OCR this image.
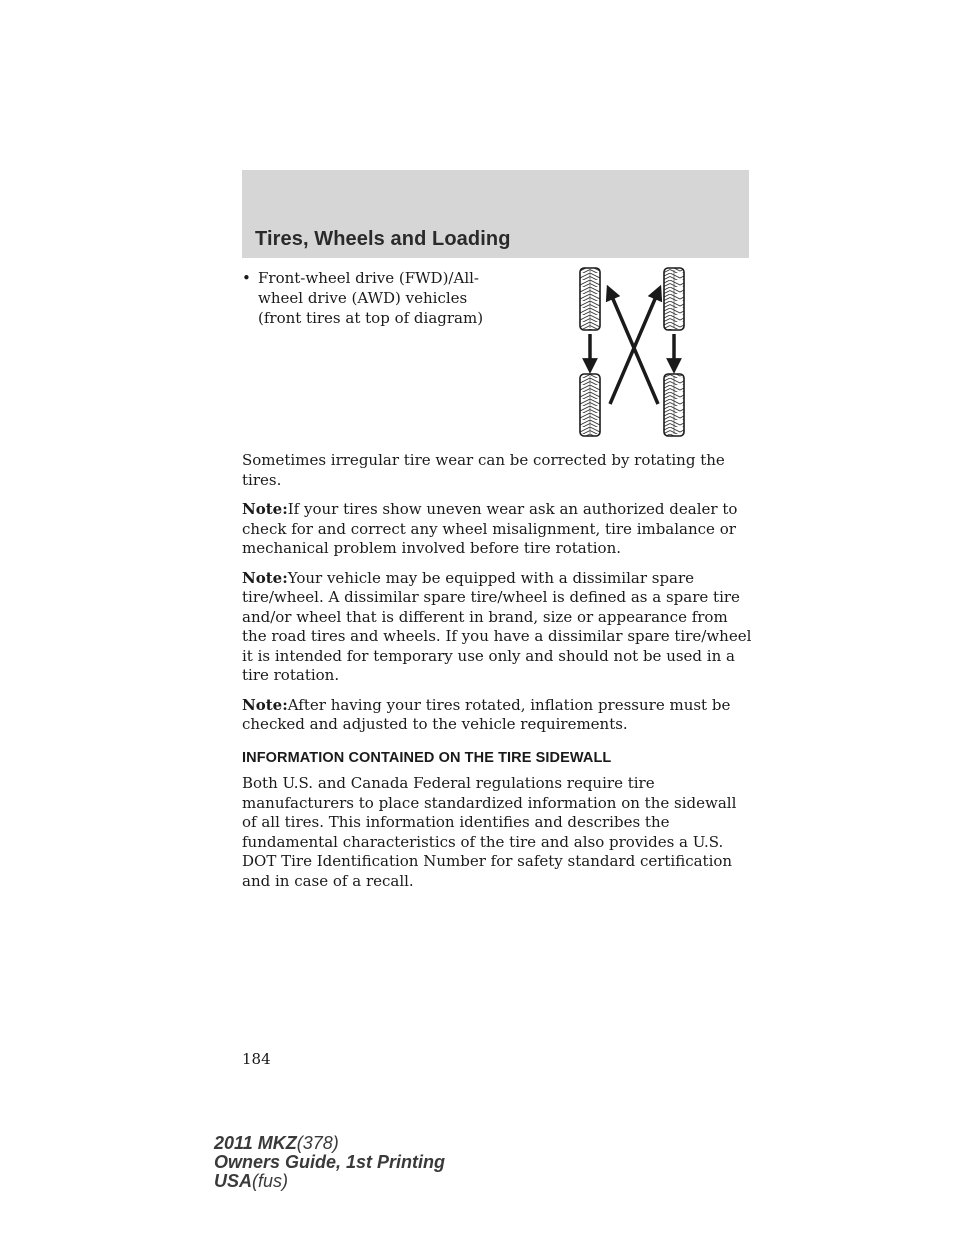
Tires, Wheels and Loading
• Front-wheel drive (FWD)/All-wheel drive (AWD) vehicles (front tires at top of diagram)

Sometimes irregular tire wear can be corrected by rotating the tires.

Note:If your tires show uneven wear ask an authorized dealer to check for and correct any wheel misalignment, tire imbalance or mechanical problem involved before tire rotation.

Note:Your vehicle may be equipped with a dissimilar spare tire/wheel. A dissimilar spare tire/wheel is defined as a spare tire and/or wheel that is different in brand, size or appearance from the road tires and wheels. If you have a dissimilar spare tire/wheel it is intended for temporary use only and should not be used in a tire rotation.

Note:After having your tires rotated, inflation pressure must be checked and adjusted to the vehicle requirements.

INFORMATION CONTAINED ON THE TIRE SIDEWALL

Both U.S. and Canada Federal regulations require tire manufacturers to place standardized information on the sidewall of all tires. This information identifies and describes the fundamental characteristics of the tire and also provides a U.S. DOT Tire Identification Number for safety standard certification and in case of a recall.

184
2011 MKZ(378)
Owners Guide, 1st Printing
USA(fus)
